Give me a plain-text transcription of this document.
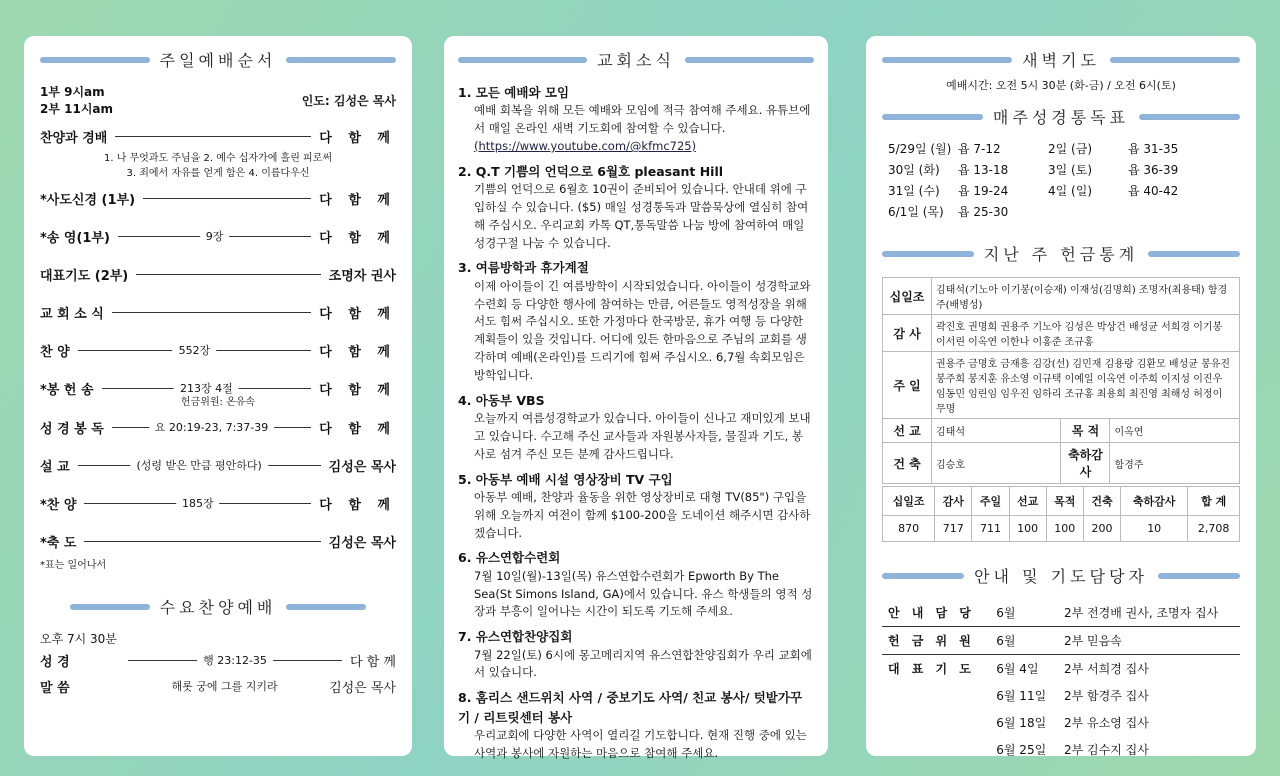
주일예배순서
1부 9시am
2부 11시am
인도: 김성은 목사
찬양과 경배	다 함 께
1. 나 무엇과도 주님을 2. 예수 십자가에 흘린 피로써
3. 죄에서 자유를 얻게 함은 4. 이름다우신
*사도신경 (1부)	다 함 께
*송 영(1부)	9장	다 함 께
대표기도 (2부)	조명자 권사
교 회 소 식	다 함 께
찬 양	552장	다 함 께
*봉 헌 송	213장 4절	다 함 께
헌금위원: 온유속
성 경 봉 독	요 20:19-23, 7:37-39	다 함 께
설 교	(성령 받은 만큼 평안하다)	김성은 목사
*찬 양	185장	다 함 께
*축 도	김성은 목사
*표는 일어나서
수요찬양예배
오후 7시 30분
성 경	행 23:12-35	다 함 께
말 씀	해롯 궁에 그를 지키라	김성은 목사
교회소식
1. 모든 예배와 모임
예배 회복을 위해 모든 예배와 모임에 적극 참여해 주세요. 유튜브에서 매일 온라인 새벽 기도회에 참여할 수 있습니다.
(https://www.youtube.com/@kfmc725)
2. Q.T 기쁨의 언덕으로 6월호 pleasant Hill
기쁨의 언덕으로 6월호 10권이 준비되어 있습니다. 안내데 위에 구입하실 수 있습니다. ($5) 매일 성경통독과 말씀묵상에 열심히 참여해 주십시오. 우리교회 카톡 QT,통독말씀 나눔 방에 참여하여 매일 성경구절 나눔 수 있습니다.
3. 여름방학과 휴가계절
이제 아이들이 긴 여름방학이 시작되었습니다. 아이들이 성경학교와 수련회 등 다양한 행사에 참여하는 만큼, 어른들도 영적성장을 위해서도 힘써 주십시오. 또한 가정마다 한국방문, 휴가 여행 등 다양한 계획들이 있을 것입니다. 어디에 있든 한마음으로 주님의 교회를 생각하며 예배(온라인)를 드리기에 힘써 주십시오. 6,7월 속회모임은 방학입니다.
4. 아동부 VBS
오늘까지 여름성경학교가 있습니다. 아이들이 신나고 재미있게 보내고 있습니다. 수고해 주신 교사들과 자원봉사자들, 물질과 기도, 봉사로 섬겨 주신 모든 분께 감사드립니다.
5. 아동부 예배 시설 영상장비 TV 구입
아동부 예배, 찬양과 율동을 위한 영상장비로 대형 TV(85") 구입을 위해 오늘까지 여전이 함께 $100-200을 도네이션 해주시면 감사하겠습니다.
6. 유스연합수련회
7월 10일(월)-13일(목) 유스연합수련회가 Epworth By The Sea(St Simons Island, GA)에서 있습니다. 유스 학생들의 영적 성장과 부흥이 일어나는 시간이 되도록 기도해 주세요.
7. 유스연합찬양집회
7월 22일(토) 6시에 몽고메리지역 유스연합찬양집회가 우리 교회에서 있습니다.
8. 홈리스 샌드위치 사역 / 중보기도 사역/ 친교 봉사/ 텃밭가꾸기 / 리트릿센터 봉사
우리교회에 다양한 사역이 열리길 기도합니다. 현재 진행 중에 있는 사역과 봉사에 자원하는 마음으로 참여해 주세요.
새벽기도
예배시간: 오전 5시 30분 (화-금) / 오전 6시(토)
매주성경통독표
5/29일 (월) 욥 7-12	2일 (금)	욥 31-35
30일 (화)	욥 13-18	3일 (토)	욥 36-39
31일 (수)	욥 19-24	4일 (일)	욥 40-42
6/1일 (목)	욥 25-30
지난 주 헌금통계
십일조	김태석(기노아 이기봉(이승재) 이재성(김명희) 조명자(최용태) 함경주(배병성)		
감 사	곽진호 권명희 권용주 기노아 김성은 박상건 배성균 서희경 이기봉 이서린 이옥연 이한나 이홍준 조규홍		
주 일	권용주 금명호 금재흥 김강(선) 김민재 김용랑 김환모 배성균 봉유진 봉주희 봉지훈 유소영 이규택 이예일 이옥연 이주희 이지성 이진우 임동민 임린임 임우진 임하리 조규홍 최용희 최진영 최해성 허정이 무명		
선 교	김태석	목 적	이옥연
건 축	김승호	축하감사	함경주
십일조	감사	주일	선교	목적	건축	축하감사	합 계
870	717	711	100	100	200	10	2,708
안내 및 기도담당자
안 내 담 당	6월	2부 전경배 권사, 조명자 집사
헌 금 위 원	6월	2부 믿음속
대 표 기 도	6월 4일	2부 서희경 집사
	6월 11일	2부 함경주 집사
	6월 18일	2부 유소영 집사
	6월 25일	2부 김수지 집사
